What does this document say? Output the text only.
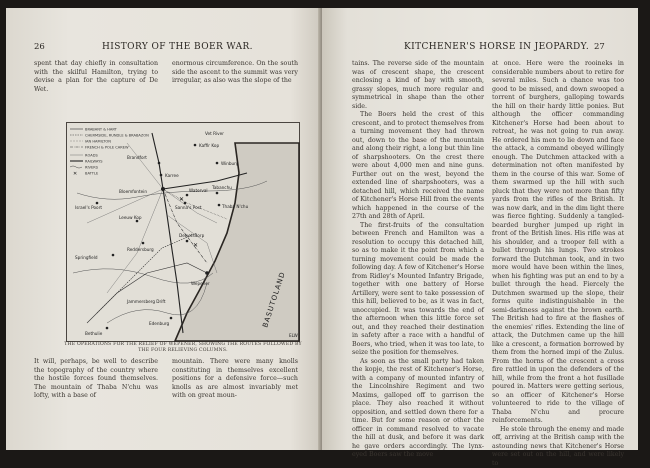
26	HISTORY OF THE BOER WAR.

spent that day chiefly in consultation with the skilful Hamilton, trying to devise a plan for the capture of De Wet.

enormous circumference. On the south side the ascent to the summit was very irregular, as also was the slope of the

BRABANT & HART
CHERMSIDE, RUNDLE & BRABAZON
IAN HAMILTON
FRENCH & POLE CAREW
ROADS
RAILWAYS
RIVERS
✕ BATTLE
BASUTOLAND
Kaffir Kop
Brandfort
Karree
Bloemfontein	Waterval
Sanna's Post
Tabanchu
Dewetsdorp
Wepener
Reddersburg
Edenburg
Winburg
Vet River
Thaba N'chu
Leeuw Kop
Springfield
Israel's Poort
Jammersberg Drift
Bethulie
✕
✕
ELW
THE OPERATIONS FOR THE RELIEF OF WEPENER, SHOWING THE ROUTES FOLLOWED BY THE FOUR RELIEVING COLUMNS.

It will, perhaps, be well to describe the topography of the country where the hostile forces found themselves. The mountain of Thaba N'chu was lofty, with a base of

mountain. There were many knolls constituting in themselves excellent positions for a defensive force—such knolls as are almost invariably met with on great moun-

KITCHENER'S HORSE IN JEOPARDY. 27

tains. The reverse side of the mountain was of crescent shape, the crescent enclosing a kind of bay with smooth, grassy slopes, much more regular and symmetrical in shape than the other side.

The Boers held the crest of this crescent, and to protect themselves from a turning movement they had thrown out, down to the base of the mountain and along their right, a long but thin line of sharpshooters. On the crest there were about 4,000 men and nine guns. Further out on the west, beyond the extended line of sharpshooters, was a detached hill, which received the name of Kitchener's Horse Hill from the events which happened in the course of the 27th and 28th of April.

The first-fruits of the consultation between French and Hamilton was a resolution to occupy this detached hill, so as to make it the point from which a turning movement could be made the following day. A few of Kitchener's Horse from Ridley's Mounted Infantry Brigade, together with one battery of Horse Artillery, were sent to take possession of this hill, believed to be, as it was in fact, unoccupied. It was towards the end of the afternoon when this little force set out, and they reached their destination in safety after a race with a handful of Boers, who tried, when it was too late, to seize the position for themselves.

As soon as the small party had taken the kopje, the rest of Kitchener's Horse, with a company of mounted infantry of the Lincolnshire Regiment and two Maxims, galloped off to garrison the place. They also reached it without opposition, and settled down there for a time. But for some reason or other the officer in command resolved to vacate the hill at dusk, and before it was dark he gave orders accordingly. The lynx-eyed Boers saw the move

at once. Here were the rooineks in considerable numbers about to retire for several miles. Such a chance was too good to be missed, and down swooped a torrent of burghers, galloping towards the hill on their hardy little ponies. But although the officer commanding Kitchener's Horse had been about to retreat, he was not going to run away. He ordered his men to lie down and face the attack, a command obeyed willingly enough. The Dutchmen attacked with a determination not often manifested by them in the course of this war. Some of them swarmed up the hill with such pluck that they were not more than fifty yards from the rifles of the British. It was now dark, and in the dim light there was fierce fighting. Suddenly a tangled-bearded burgher jumped up right in front of the British lines. His rifle was at his shoulder, and a trooper fell with a bullet through his lungs. Two strokes forward the Dutchman took, and in two more would have been within the lines, when his fighting was put an end to by a bullet through the head. Fiercely the Dutchmen swarmed up the slope, their forms quite indistinguishable in the semi-darkness against the brown earth. The British had to fire at the flashes of the enemies' rifles. Extending the line of attack, the Dutchmen came up the hill like a crescent, a formation borrowed by them from the horned impi of the Zulus. From the horns of the crescent a cross fire rattled in upon the defenders of the hill, while from the front a hot fusillade poured in. Matters were getting serious, so an officer of Kitchener's Horse volunteered to ride to the village of Thaba N'chu and procure reinforcements.

He stole through the enemy and made off, arriving at the British camp with the astounding news that Kitchener's Horse were set out on the hill, and were likely to
